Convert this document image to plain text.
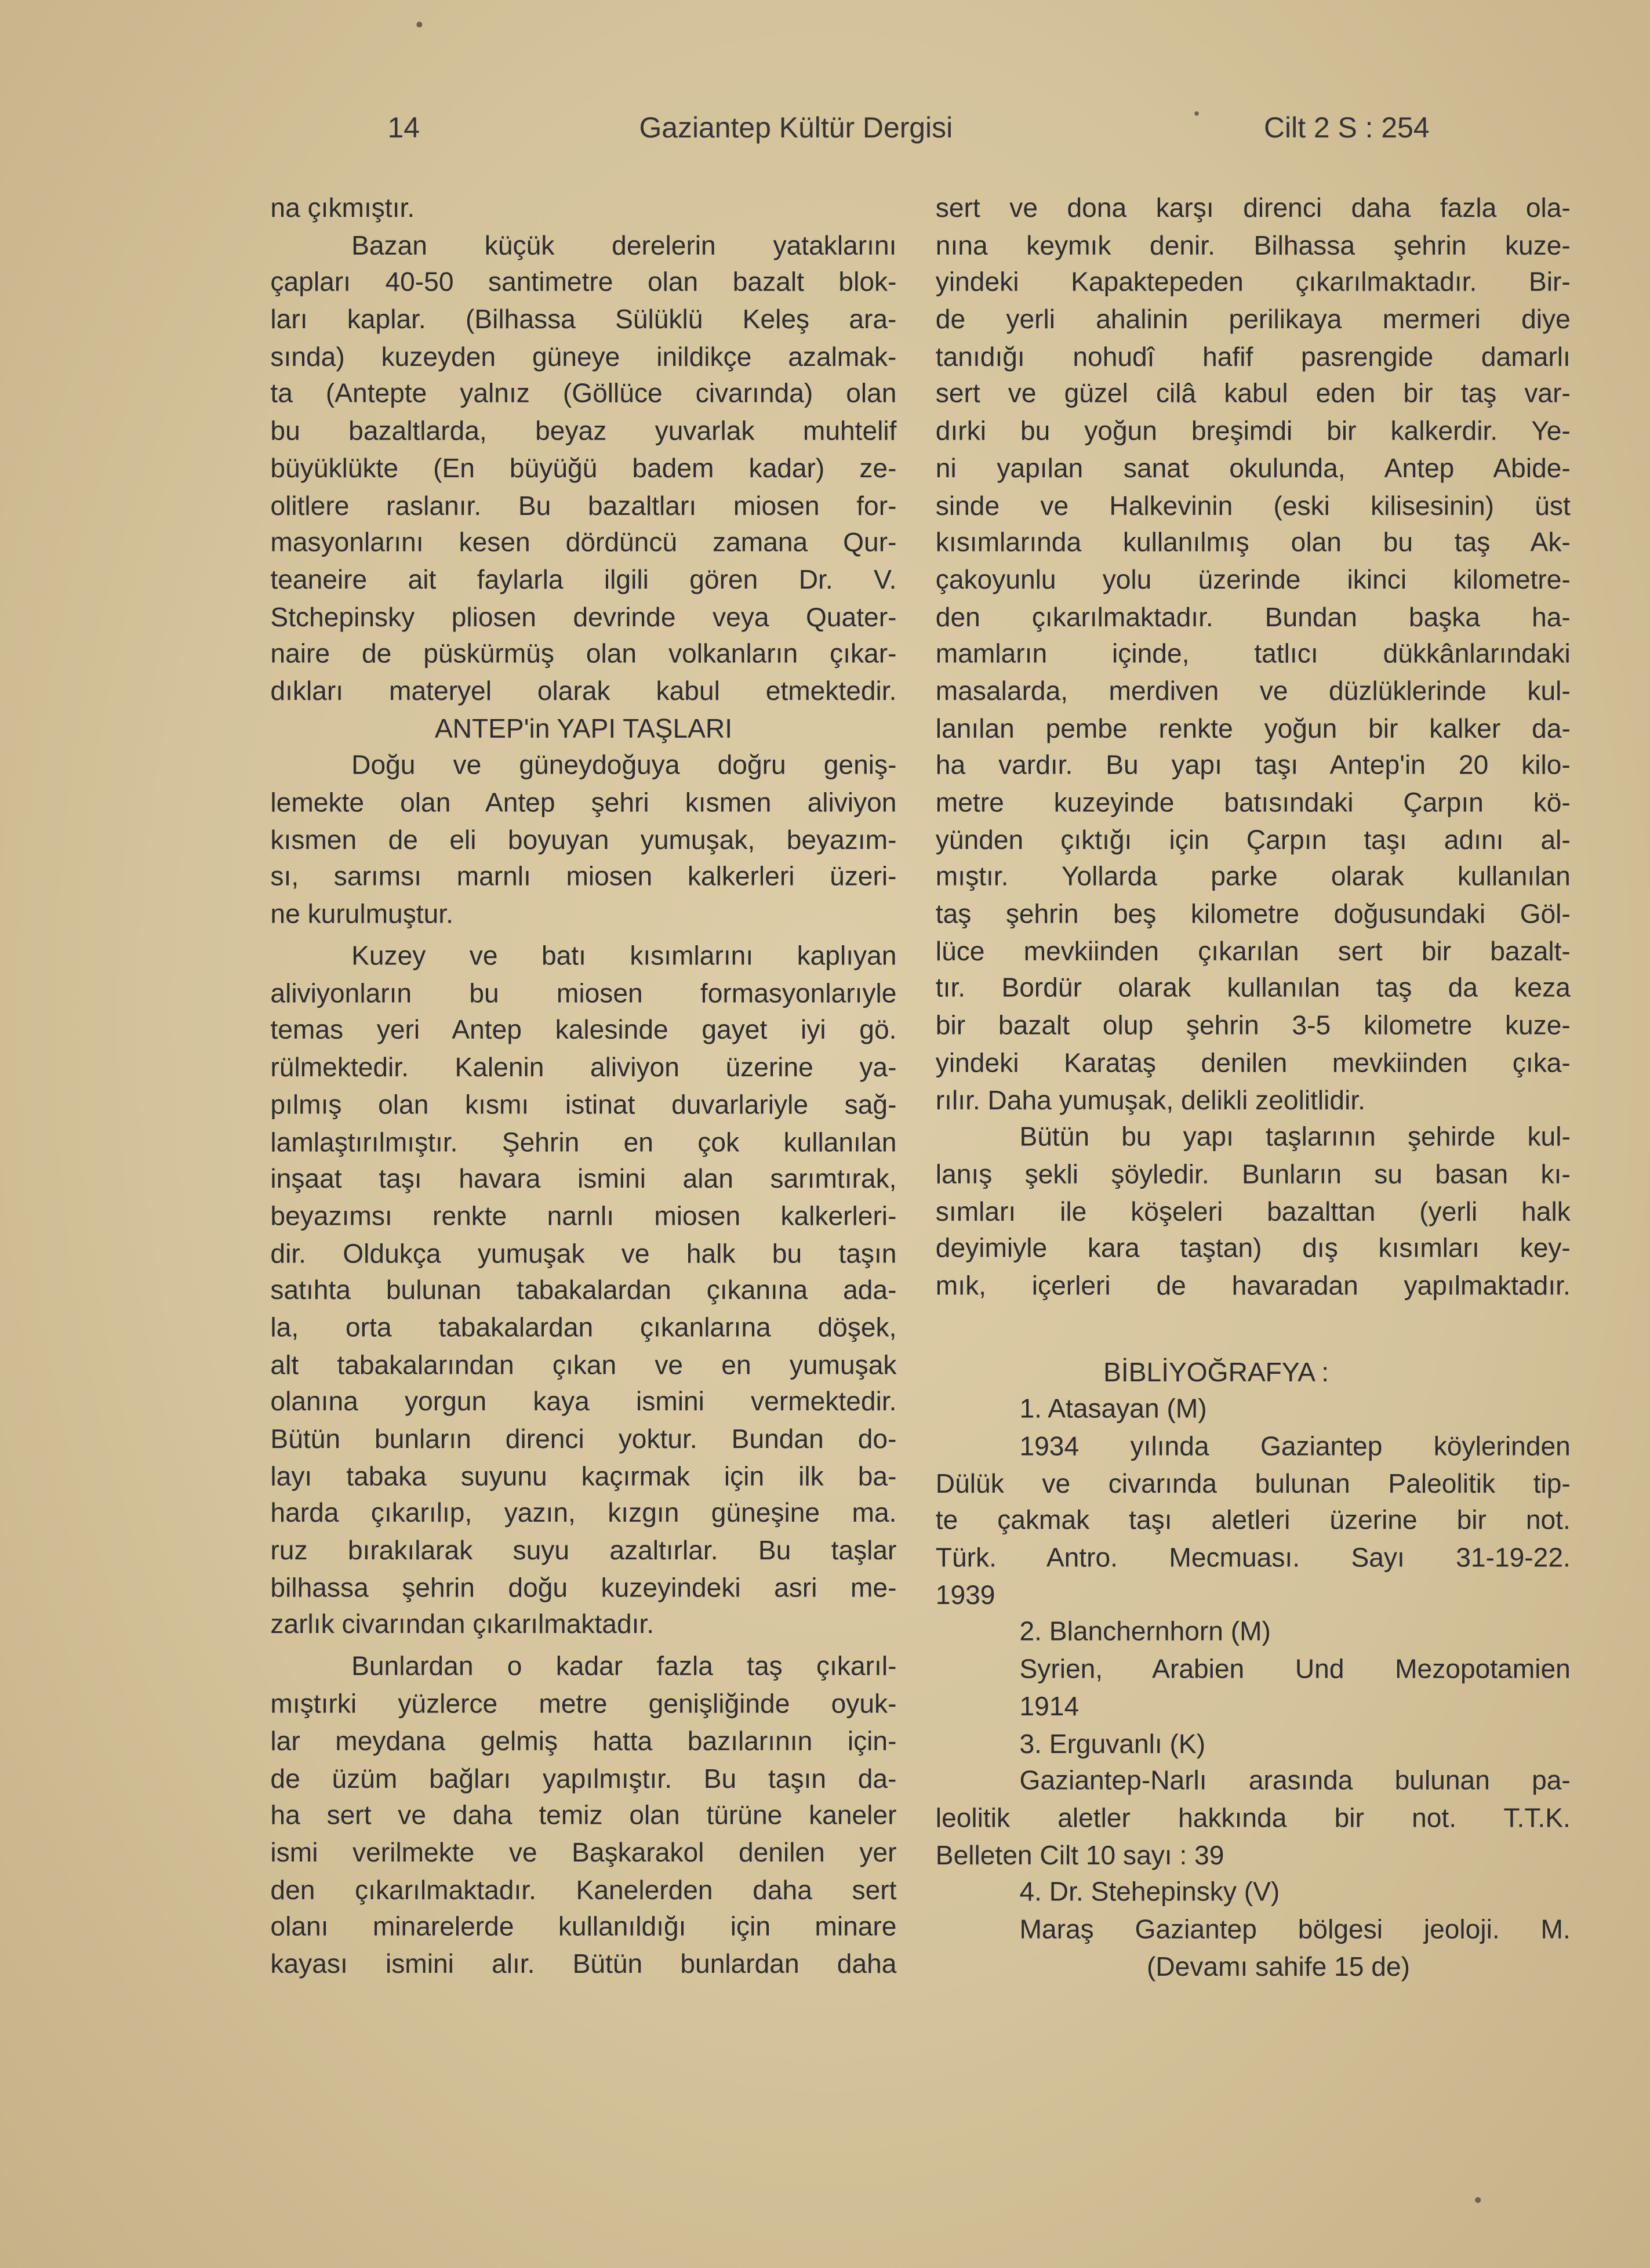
14	Gaziantep Kültür Dergisi	Cilt 2 S : 254
na çıkmıştır.
Bazan küçük derelerin yataklarını
çapları 40-50 santimetre olan bazalt blok-
ları kaplar. (Bilhassa Sülüklü Keleş ara-
sında) kuzeyden güneye inildikçe azalmak-
ta (Antepte yalnız (Göllüce civarında) olan
bu bazaltlarda, beyaz yuvarlak muhtelif
büyüklükte (En büyüğü badem kadar) ze-
olitlere raslanır. Bu bazaltları miosen for-
masyonlarını kesen dördüncü zamana Qur-
teaneire ait faylarla ilgili gören Dr. V.
Stchepinsky pliosen devrinde veya Quater-
naire de püskürmüş olan volkanların çıkar-
dıkları materyel olarak kabul etmektedir.
ANTEP'in YAPI TAŞLARI
Doğu ve güneydoğuya doğru geniş-
lemekte olan Antep şehri kısmen aliviyon
kısmen de eli boyuyan yumuşak, beyazım-
sı, sarımsı marnlı miosen kalkerleri üzeri-
ne kurulmuştur.
Kuzey ve batı kısımlarını kaplıyan
aliviyonların bu miosen formasyonlarıyle
temas yeri Antep kalesinde gayet iyi gö.
rülmektedir. Kalenin aliviyon üzerine ya-
pılmış olan kısmı istinat duvarlariyle sağ-
lamlaştırılmıştır. Şehrin en çok kullanılan
inşaat taşı havara ismini alan sarımtırak,
beyazımsı renkte narnlı miosen kalkerleri-
dir. Oldukça yumuşak ve halk bu taşın
satıhta bulunan tabakalardan çıkanına ada-
la, orta tabakalardan çıkanlarına döşek,
alt tabakalarından çıkan ve en yumuşak
olanına yorgun kaya ismini vermektedir.
Bütün bunların direnci yoktur. Bundan do-
layı tabaka suyunu kaçırmak için ilk ba-
harda çıkarılıp, yazın, kızgın güneşine ma.
ruz bırakılarak suyu azaltırlar. Bu taşlar
bilhassa şehrin doğu kuzeyindeki asri me-
zarlık civarından çıkarılmaktadır.
Bunlardan o kadar fazla taş çıkarıl-
mıştırki yüzlerce metre genişliğinde oyuk-
lar meydana gelmiş hatta bazılarının için-
de üzüm bağları yapılmıştır. Bu taşın da-
ha sert ve daha temiz olan türüne kaneler
ismi verilmekte ve Başkarakol denilen yer
den çıkarılmaktadır. Kanelerden daha sert
olanı minarelerde kullanıldığı için minare
kayası ismini alır. Bütün bunlardan daha
sert ve dona karşı direnci daha fazla ola-
nına keymık denir. Bilhassa şehrin kuze-
yindeki Kapaktepeden çıkarılmaktadır. Bir-
de yerli ahalinin perilikaya mermeri diye
tanıdığı nohudî hafif pasrengide damarlı
sert ve güzel cilâ kabul eden bir taş var-
dırki bu yoğun breşimdi bir kalkerdir. Ye-
ni yapılan sanat okulunda, Antep Abide-
sinde ve Halkevinin (eski kilisesinin) üst
kısımlarında kullanılmış olan bu taş Ak-
çakoyunlu yolu üzerinde ikinci kilometre-
den çıkarılmaktadır. Bundan başka ha-
mamların içinde, tatlıcı dükkânlarındaki
masalarda, merdiven ve düzlüklerinde kul-
lanılan pembe renkte yoğun bir kalker da-
ha vardır. Bu yapı taşı Antep'in 20 kilo-
metre kuzeyinde batısındaki Çarpın kö-
yünden çıktığı için Çarpın taşı adını al-
mıştır. Yollarda parke olarak kullanılan
taş şehrin beş kilometre doğusundaki Göl-
lüce mevkiinden çıkarılan sert bir bazalt-
tır. Bordür olarak kullanılan taş da keza
bir bazalt olup şehrin 3-5 kilometre kuze-
yindeki Karataş denilen mevkiinden çıka-
rılır. Daha yumuşak, delikli zeolitlidir.
Bütün bu yapı taşlarının şehirde kul-
lanış şekli şöyledir. Bunların su basan kı-
sımları ile köşeleri bazalttan (yerli halk
deyimiyle kara taştan) dış kısımları key-
mık, içerleri de havaradan yapılmaktadır.
BİBLİYOĞRAFYA :
1. Atasayan (M)
1934 yılında Gaziantep köylerinden
Dülük ve civarında bulunan Paleolitik tip-
te çakmak taşı aletleri üzerine bir not.
Türk. Antro. Mecmuası. Sayı 31-19-22.
1939
2. Blanchernhorn (M)
Syrien, Arabien Und Mezopotamien
1914
3. Erguvanlı (K)
Gaziantep-Narlı arasında bulunan pa-
leolitik aletler hakkında bir not. T.T.K.
Belleten Cilt 10 sayı : 39
4. Dr. Stehepinsky (V)
Maraş Gaziantep bölgesi jeoloji. M.
(Devamı sahife 15 de)
